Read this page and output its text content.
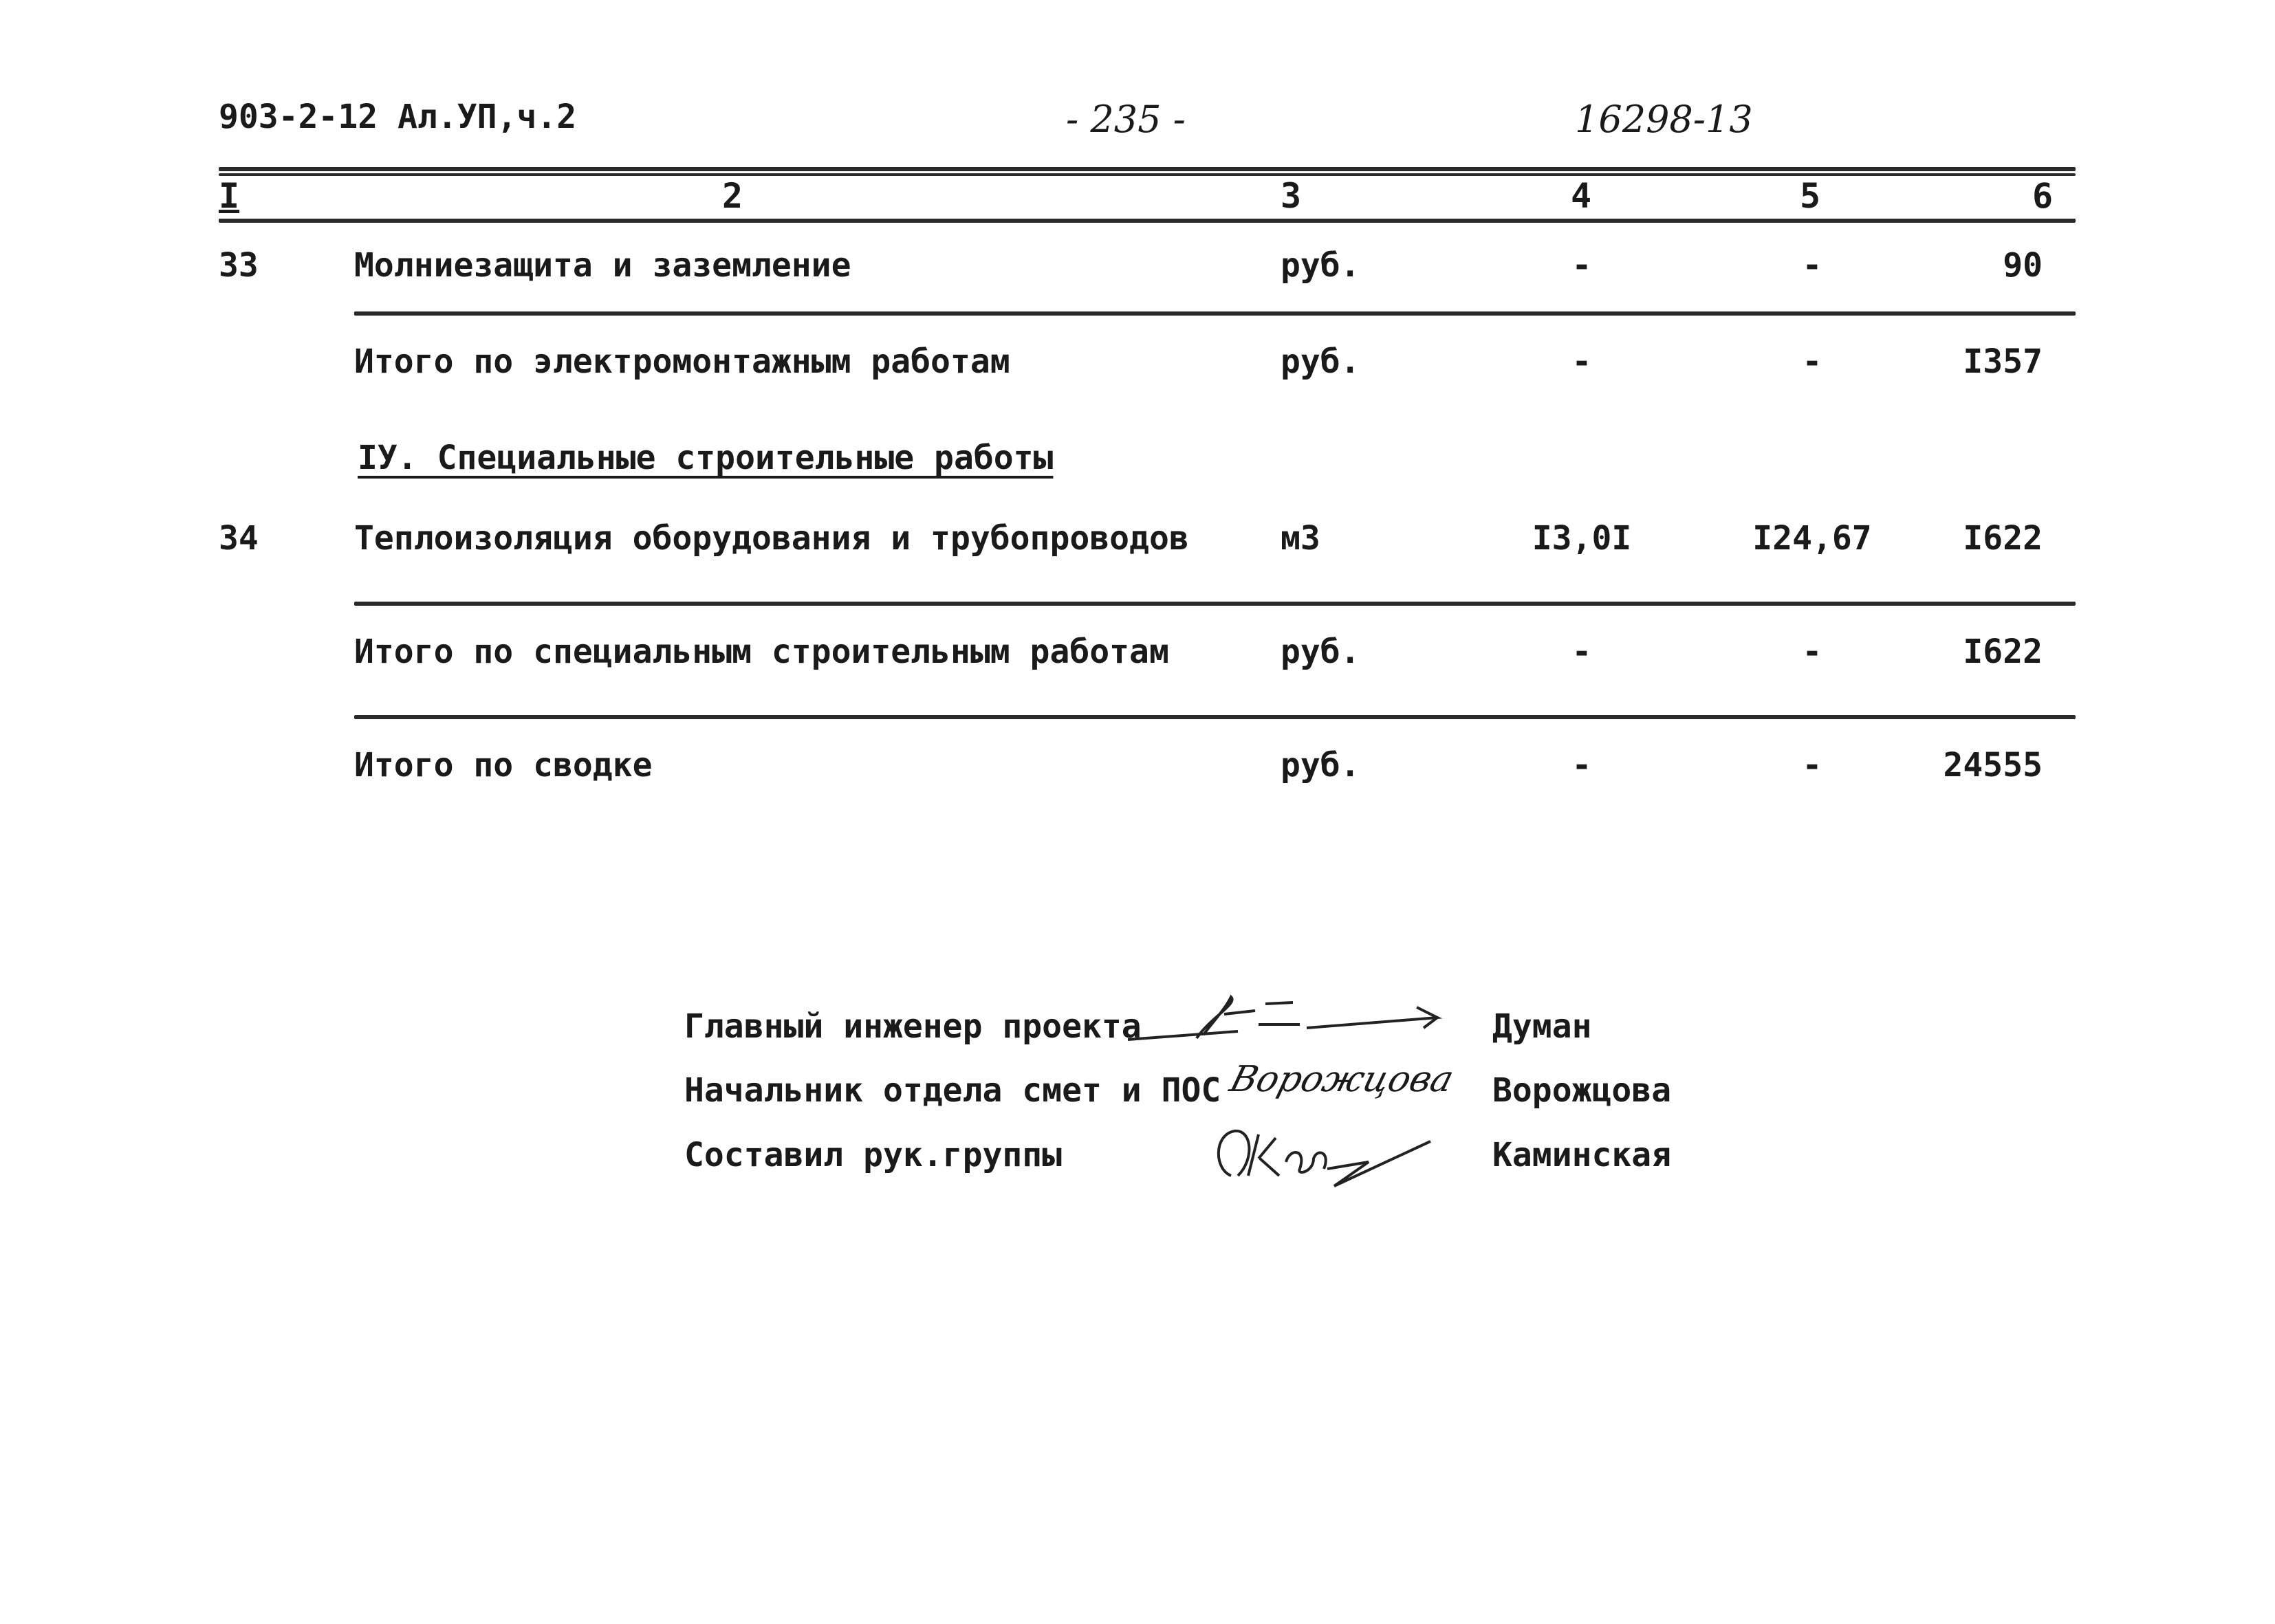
903-2-12 Ал.УП,ч.2	- 235 -	16298-13
I	2	3	4	5	6
33	Молниезащита и заземление	руб.	-	-	90
Итого по электромонтажным работам	руб.	-	-	I357
IУ. Специальные строительные работы
34	Теплоизоляция оборудования и трубопроводов	м3	I3,0I	I24,67	I622
Итого по специальным строительным работам	руб.	-	-	I622
Итого по сводке	руб.	-	-	24555
Главный инженер проекта	Думан
Начальник отдела смет и ПОС	Ворожцова
Ворожцова
Составил рук.группы	Каминская
